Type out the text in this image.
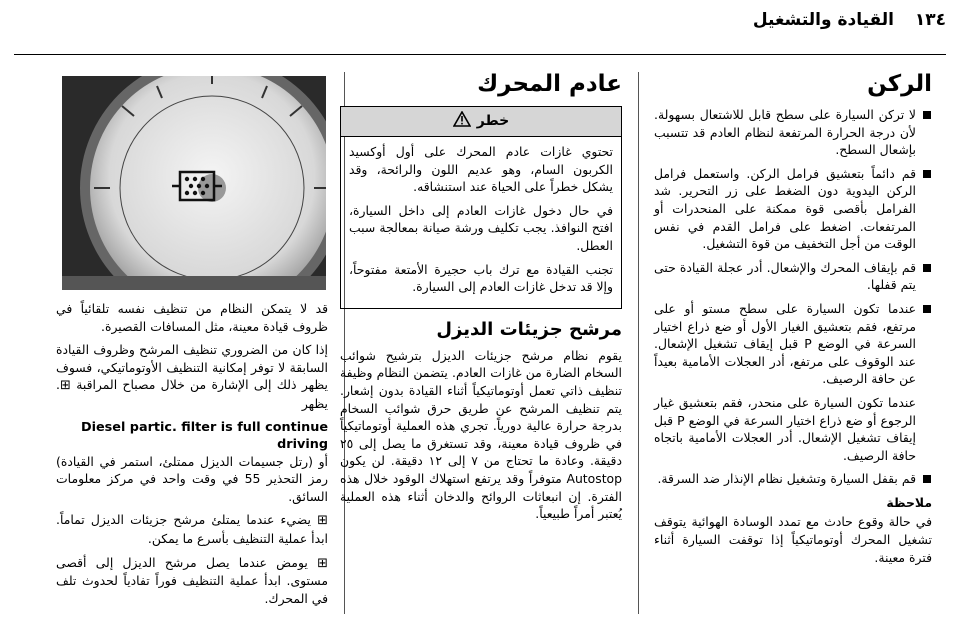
القيادة والتشغيل ١٣٤
الركن
لا تركن السيارة على سطح قابل للاشتعال بسهولة. لأن درجة الحرارة المرتفعة لنظام العادم قد تتسبب بإشعال السطح.
قم دائماً بتعشيق فرامل الركن. واستعمل فرامل الركن اليدوية دون الضغط على زر التحرير. شد الفرامل بأقصى قوة ممكنة على المنحدرات أو المرتفعات. اضغط على فرامل القدم في نفس الوقت من أجل التخفيف من قوة التشغيل.
قم بإيقاف المحرك والإشعال. أدر عجلة القيادة حتى يتم قفلها.
عندما تكون السيارة على سطح مستو أو على مرتفع، فقم بتعشيق الغيار الأول أو ضع ذراع اختيار السرعة في الوضع P قبل إيقاف تشغيل الإشعال. عند الوقوف على مرتفع، أدر العجلات الأمامية بعيداً عن حافة الرصيف.
عندما تكون السيارة على منحدر، فقم بتعشيق غيار الرجوع أو ضع ذراع اختيار السرعة في الوضع P قبل إيقاف تشغيل الإشعال. أدر العجلات الأمامية باتجاه حافة الرصيف.
قم بقفل السيارة وتشغيل نظام الإنذار ضد السرقة.
ملاحظة
في حالة وقوع حادث مع تمدد الوسادة الهوائية يتوقف تشغيل المحرك أوتوماتيكياً إذا توقفت السيارة أثناء فترة معينة.
عادم المحرك
خطر

تحتوي غازات عادم المحرك على أول أوكسيد الكربون السام، وهو عديم اللون والرائحة، وقد يشكل خطراً على الحياة عند استنشاقه.

في حال دخول غازات العادم إلى داخل السيارة، افتح النوافذ. يجب تكليف ورشة صيانة بمعالجة سبب العطل.

تجنب القيادة مع ترك باب حجيرة الأمتعة مفتوحاً، وإلا قد تدخل غازات العادم إلى السيارة.

مرشح جزيئات الديزل

يقوم نظام مرشح جزيئات الديزل بترشيح شوائب السخام الضارة من غازات العادم. يتضمن النظام وظيفة تنظيف ذاتي تعمل أوتوماتيكياً أثناء القيادة بدون إشعار. يتم تنظيف المرشح عن طريق حرق شوائب السخام بدرجة حرارة عالية دورياً. تجري هذه العملية أوتوماتيكياً في ظروف قيادة معينة، وقد تستغرق ما يصل إلى ٢٥ دقيقة. وعادة ما تحتاج من ٧ إلى ١٢ دقيقة. لن يكون Autostop متوفراً وقد يرتفع استهلاك الوقود خلال هذه الفترة. إن انبعاثات الروائح والدخان أثناء هذه العملية يُعتبر أمراً طبيعياً.

قد لا يتمكن النظام من تنظيف نفسه تلقائياً في ظروف قيادة معينة، مثل المسافات القصيرة.

إذا كان من الضروري تنظيف المرشح وظروف القيادة السابقة لا توفر إمكانية التنظيف الأوتوماتيكي، فسوف يظهر ذلك إلى الإشارة من خلال مصباح المراقبة ⊞. يظهر

Diesel partic. filter is full continue driving

أو (رتل جسيمات الديزل ممتلئ، استمر في القيادة) رمز التحذير 55 في وقت واحد في مركز معلومات السائق.

⊞ يضيء عندما يمتلئ مرشح جزيئات الديزل تماماً. ابدأ عملية التنظيف بأسرع ما يمكن.

⊞ يومض عندما يصل مرشح الديزل إلى أقصى مستوى. ابدأ عملية التنظيف فوراً تفادياً لحدوث تلف في المحرك.
